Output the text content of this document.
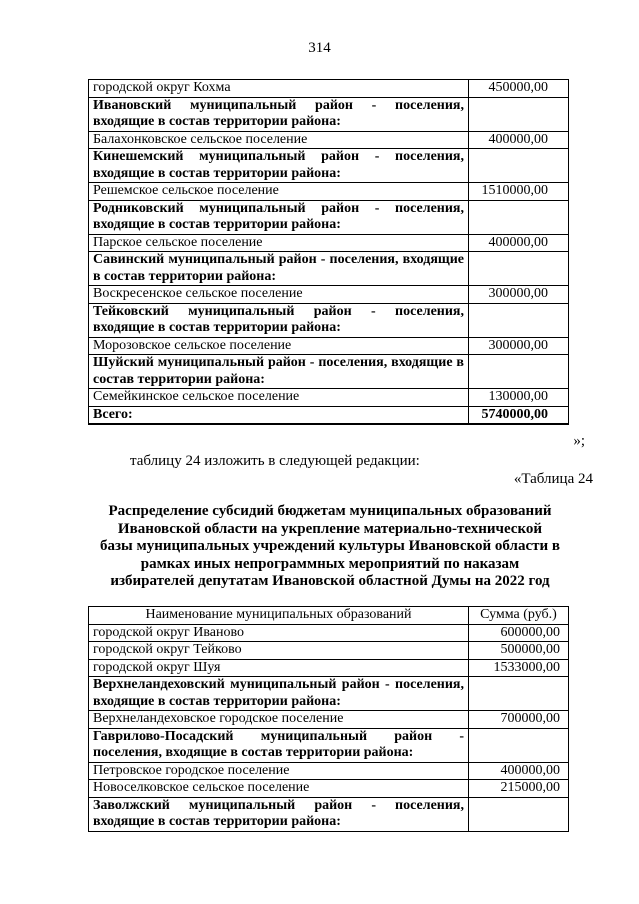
314
городской округ Кохма	450000,00
Ивановский муниципальный район - поселения, входящие в состав территории района:	
Балахонковское сельское поселение	400000,00
Кинешемский муниципальный район - поселения, входящие в состав территории района:	
Решемское сельское поселение	1510000,00
Родниковский муниципальный район - поселения, входящие в состав территории района:	
Парское сельское поселение	400000,00
Савинский муниципальный район - поселения, входящие в состав территории района:	
Воскресенское сельское поселение	300000,00
Тейковский муниципальный район - поселения, входящие в состав территории района:	
Морозовское сельское поселение	300000,00
Шуйский муниципальный район - поселения, входящие в состав территории района:	
Семейкинское сельское поселение	130000,00
Всего:	5740000,00
»;
таблицу 24 изложить в следующей редакции:
«Таблица 24
Распределение субсидий бюджетам муниципальных образований Ивановской области на укрепление материально-технической базы муниципальных учреждений культуры Ивановской области в рамках иных непрограммных мероприятий по наказам избирателей депутатам Ивановской областной Думы на 2022 год
Наименование муниципальных образований	Сумма (руб.)
городской округ Иваново	600000,00
городской округ Тейково	500000,00
городской округ Шуя	1533000,00
Верхнеландеховский муниципальный район - поселения, входящие в состав территории района:	
Верхнеландеховское городское поселение	700000,00
Гаврилово-Посадский муниципальный район - поселения, входящие в состав территории района:	
Петровское городское поселение	400000,00
Новоселковское сельское поселение	215000,00
Заволжский муниципальный район - поселения, входящие в состав территории района:	
